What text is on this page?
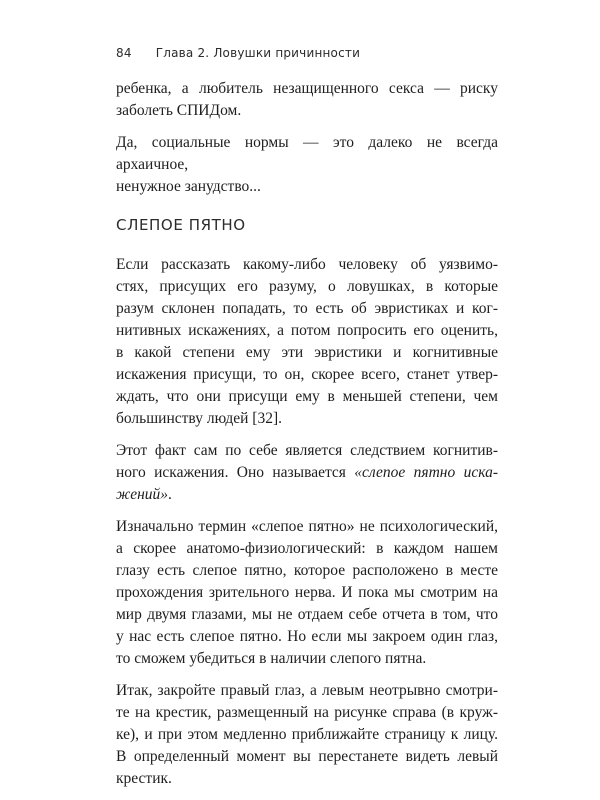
84 Глава 2. Ловушки причинности
ребенка, а любитель незащищенного секса — риску
заболеть СПИДом.
Да, социальные нормы — это далеко не всегда архаичное,
ненужное занудство...
СЛЕПОЕ ПЯТНО
Если рассказать какому-либо человеку об уязвимо-
стях, присущих его разуму, о ловушках, в которые
разум склонен попадать, то есть об эвристиках и ког-
нитивных искажениях, а потом попросить его оценить,
в какой степени ему эти эвристики и когнитивные
искажения присущи, то он, скорее всего, станет утвер-
ждать, что они присущи ему в меньшей степени, чем
большинству людей [32].
Этот факт сам по себе является следствием когнитив-
ного искажения. Оно называется «слепое пятно иска-
жений».
Изначально термин «слепое пятно» не психологический,
а скорее анатомо-физиологический: в каждом нашем
глазу есть слепое пятно, которое расположено в месте
прохождения зрительного нерва. И пока мы смотрим на
мир двумя глазами, мы не отдаем себе отчета в том, что
у нас есть слепое пятно. Но если мы закроем один глаз,
то сможем убедиться в наличии слепого пятна.
Итак, закройте правый глаз, а левым неотрывно смотри-
те на крестик, размещенный на рисунке справа (в круж-
ке), и при этом медленно приближайте страницу к лицу.
В определенный момент вы перестанете видеть левый
крестик.
